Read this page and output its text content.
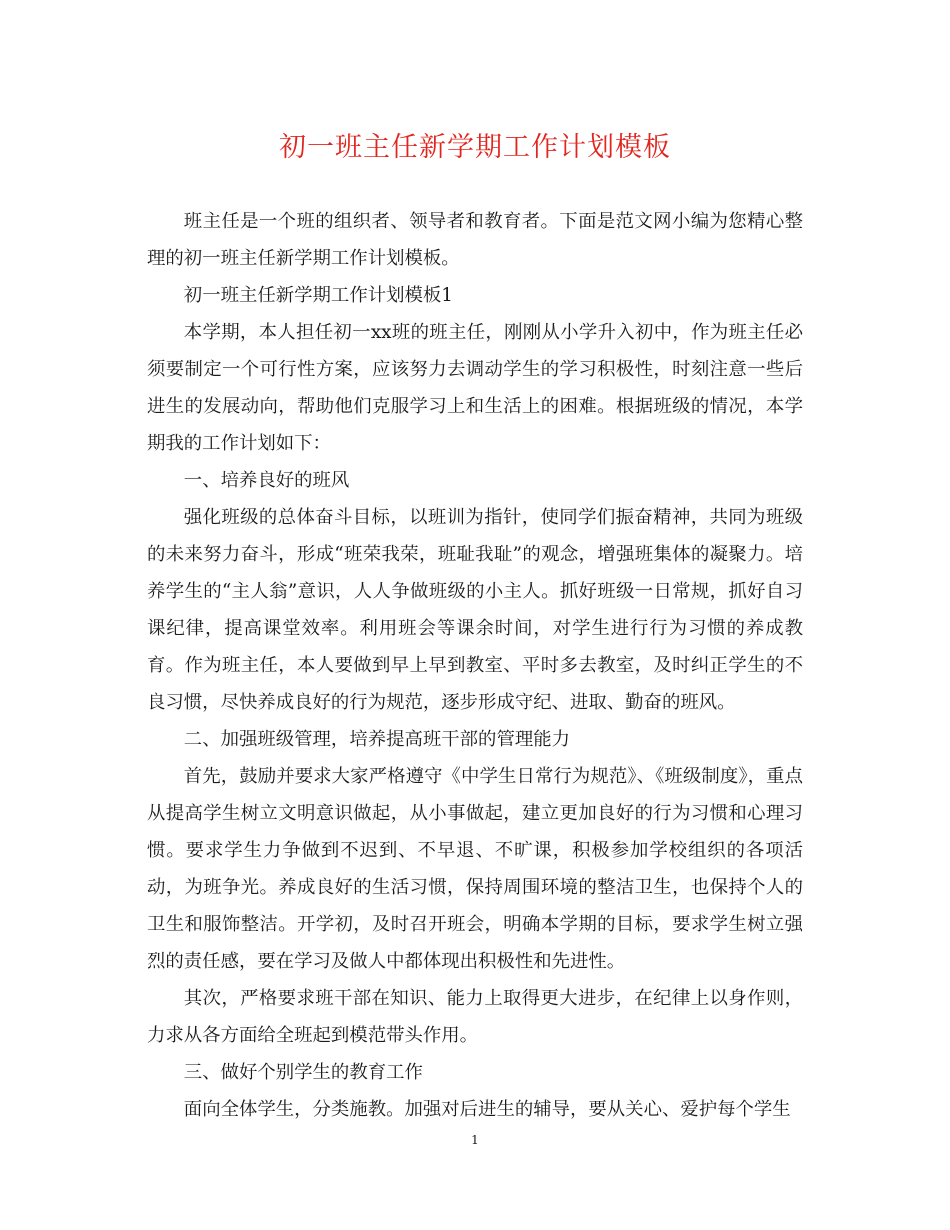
初一班主任新学期工作计划模板

班主任是一个班的组织者、领导者和教育者。下面是范文网小编为您精心整理的初一班主任新学期工作计划模板。

初一班主任新学期工作计划模板1

本学期，本人担任初一xx班的班主任，刚刚从小学升入初中，作为班主任必须要制定一个可行性方案，应该努力去调动学生的学习积极性，时刻注意一些后进生的发展动向，帮助他们克服学习上和生活上的困难。根据班级的情况，本学期我的工作计划如下：

一、培养良好的班风

强化班级的总体奋斗目标，以班训为指针，使同学们振奋精神，共同为班级的未来努力奋斗，形成“班荣我荣，班耻我耻”的观念，增强班集体的凝聚力。培养学生的“主人翁”意识，人人争做班级的小主人。抓好班级一日常规，抓好自习课纪律，提高课堂效率。利用班会等课余时间，对学生进行行为习惯的养成教育。作为班主任，本人要做到早上早到教室、平时多去教室，及时纠正学生的不良习惯，尽快养成良好的行为规范，逐步形成守纪、进取、勤奋的班风。

二、加强班级管理，培养提高班干部的管理能力

首先，鼓励并要求大家严格遵守《中学生日常行为规范》、《班级制度》，重点从提高学生树立文明意识做起，从小事做起，建立更加良好的行为习惯和心理习惯。要求学生力争做到不迟到、不早退、不旷课，积极参加学校组织的各项活动，为班争光。养成良好的生活习惯，保持周围环境的整洁卫生，也保持个人的卫生和服饰整洁。开学初，及时召开班会，明确本学期的目标，要求学生树立强烈的责任感，要在学习及做人中都体现出积极性和先进性。

其次，严格要求班干部在知识、能力上取得更大进步，在纪律上以身作则，力求从各方面给全班起到模范带头作用。

三、做好个别学生的教育工作

面向全体学生，分类施教。加强对后进生的辅导，要从关心、爱护每个学生

1
